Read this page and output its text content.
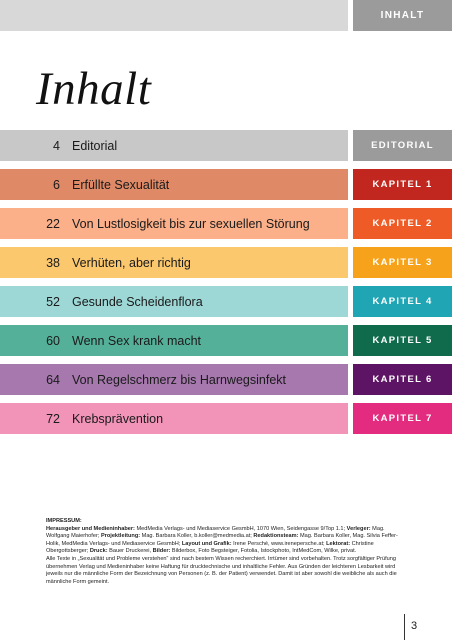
INHALT
Inhalt
4 Editorial	EDITORIAL
6 Erfüllte Sexualität	KAPITEL 1
22 Von Lustlosigkeit bis zur sexuellen Störung	KAPITEL 2
38 Verhüten, aber richtig	KAPITEL 3
52 Gesunde Scheidenflora	KAPITEL 4
60 Wenn Sex krank macht	KAPITEL 5
64 Von Regelschmerz bis Harnwegsinfekt	KAPITEL 6
72 Krebsprävention	KAPITEL 7

IMPRESSUM:

Herausgeber und Medieninhaber: MedMedia Verlags- und Mediaservice GesmbH, 1070 Wien, Seidengasse 9/Top 1.1; Verleger: Mag. Wolfgang Maierhofer; Projektleitung: Mag. Barbara Koller, b.koller@medmedia.at; Redaktionsteam: Mag. Barbara Koller, Mag. Silvia Feffer-Holik, MedMedia Verlags- und Mediaservice GesmbH; Layout und Grafik: Irene Persché, www.irenepersche.at; Lektorat: Christine Obergottsberger; Druck: Bauer Druckerei, Bilder: Bilderbox, Foto Begsteiger, Fotolia, Istockphoto, IntMedCom, Wilke, privat.

Alle Texte in „Sexualität und Probleme verstehen“ sind nach bestem Wissen recherchiert. Irrtümer sind vorbehalten. Trotz sorgfältiger Prüfung übernehmen Verlag und Medieninhaber keine Haftung für drucktechnische und inhaltliche Fehler. Aus Gründen der leichteren Lesbarkeit wird jeweils nur die männliche Form der Bezeichnung von Personen (z. B. der Patient) verwendet. Damit ist aber sowohl die weibliche als auch die männliche Form gemeint.

3
